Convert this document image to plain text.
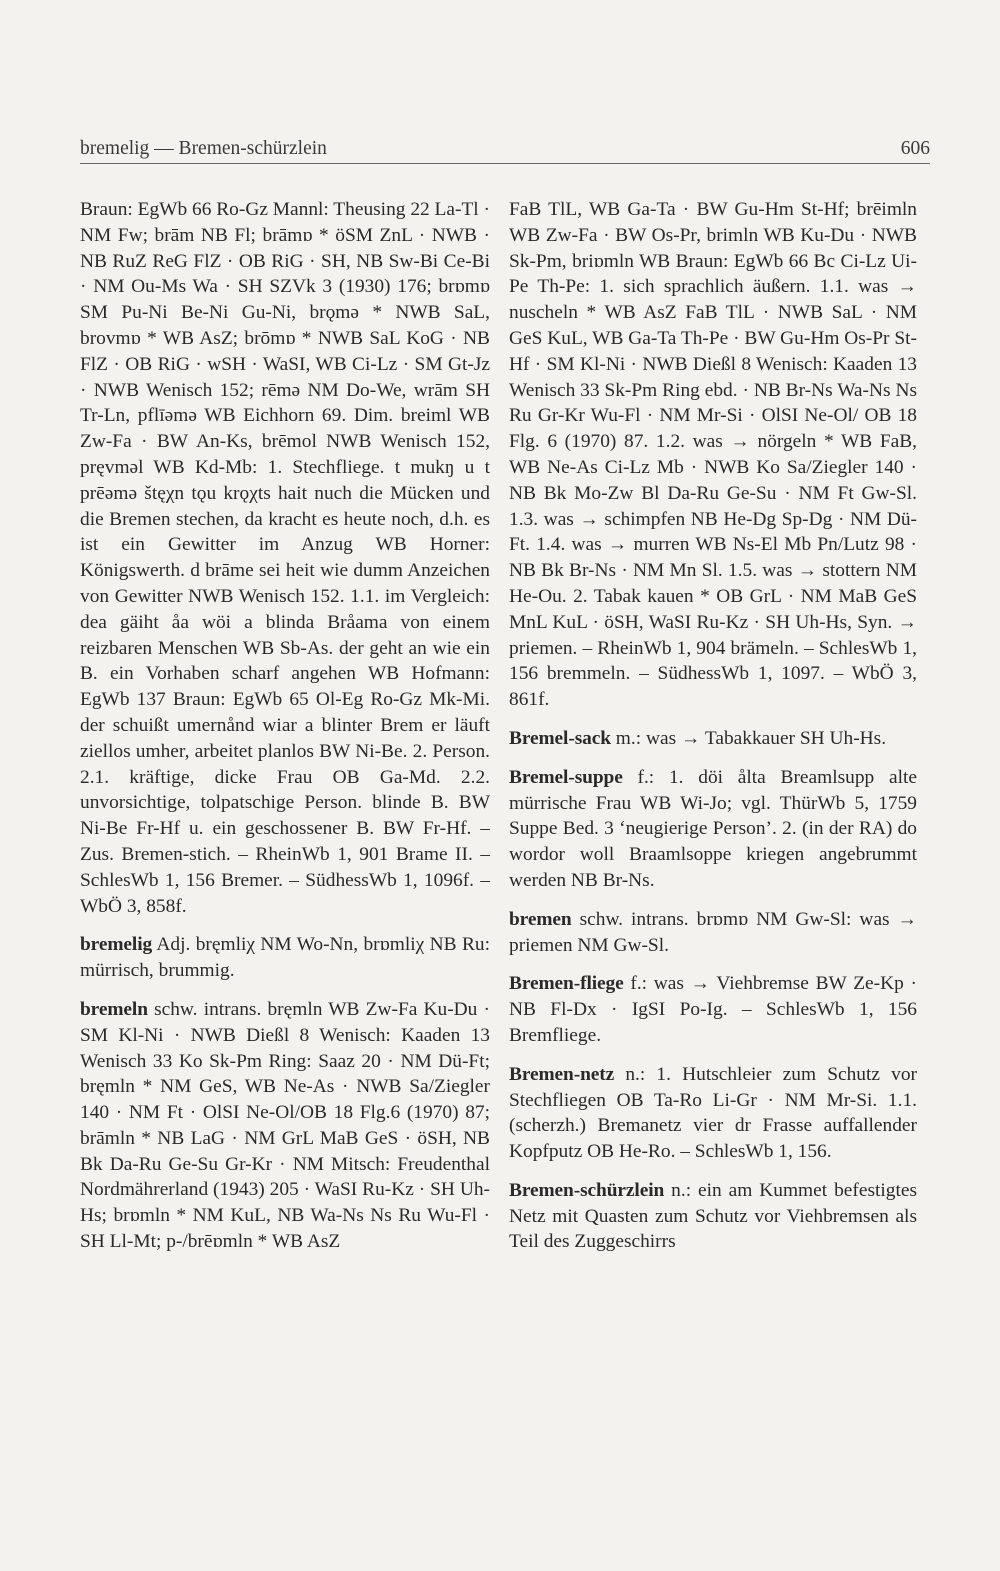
bremelig — Bremen-schürzlein	606

Braun: EgWb 66 Ro-Gz Mannl: Theusing 22 La-Tl · NM Fw; brām NB Fl; brāmɒ * öSM ZnL · NWB · NB RuZ ReG FlZ · OB RiG · SH, NB Sw-Bi Ce-Bi · NM Ou-Ms Wa · SH SZVk 3 (1930) 176; brɒmɒ SM Pu-Ni Be-Ni Gu-Ni, brǫmə * NWB SaL, brovmɒ * WB AsZ; brōmɒ * NWB SaL KoG · NB FlZ · OB RiG · wSH · WaSI, WB Ci-Lz · SM Gt-Jz · NWB Wenisch 152; rēmə NM Do-We, wrām SH Tr-Ln, pflīəmə WB Eichhorn 69. Dim. breiml WB Zw-Fa · BW An-Ks, brēmol NWB Wenisch 152, pręvməl WB Kd-Mb: 1. Stechfliege. t mukŋ u t prēəmə štęχn tǫu krǫχts hait nuch die Mücken und die Bremen stechen, da kracht es heute noch, d.h. es ist ein Gewitter im Anzug WB Horner: Königswerth. d brāme sei heit wie dumm Anzeichen von Gewitter NWB Wenisch 152. 1.1. im Vergleich: dea gäiht åa wöi a blinda Bråama von einem reizbaren Menschen WB Sb-As. der geht an wie ein B. ein Vorhaben scharf angehen WB Hofmann: EgWb 137 Braun: EgWb 65 Ol-Eg Ro-Gz Mk-Mi. der schuißt umernånd wiar a blinter Brem er läuft ziellos umher, arbeitet planlos BW Ni-Be. 2. Person. 2.1. kräftige, dicke Frau OB Ga-Md. 2.2. unvorsichtige, tolpatschige Person. blinde B. BW Ni-Be Fr-Hf u. ein geschossener B. BW Fr-Hf. – Zus. Bremen-stich. – RheinWb 1, 901 Brame II. – SchlesWb 1, 156 Bremer. – SüdhessWb 1, 1096f. – WbÖ 3, 858f.

bremelig Adj. bręmliχ NM Wo-Nn, brɒmliχ NB Ru: mürrisch, brummig.

bremeln schw. intrans. bręmln WB Zw-Fa Ku-Du · SM Kl-Ni · NWB Dießl 8 Wenisch: Kaaden 13 Wenisch 33 Ko Sk-Pm Ring: Saaz 20 · NM Dü-Ft; bręmln * NM GeS, WB Ne-As · NWB Sa/Ziegler 140 · NM Ft · OlSI Ne-Ol/OB 18 Flg.6 (1970) 87; brāmln * NB LaG · NM GrL MaB GeS · öSH, NB Bk Da-Ru Ge-Su Gr-Kr · NM Mitsch: Freudenthal Nordmährerland (1943) 205 · WaSI Ru-Kz · SH Uh-Hs; brɒmln * NM KuL, NB Wa-Ns Ns Ru Wu-Fl · SH Ll-Mt; p-/brēɒmln * WB AsZ

FaB TlL, WB Ga-Ta · BW Gu-Hm St-Hf; brēimln WB Zw-Fa · BW Os-Pr, brimln WB Ku-Du · NWB Sk-Pm, briɒmln WB Braun: EgWb 66 Bc Ci-Lz Ui-Pe Th-Pe: 1. sich sprachlich äußern. 1.1. was → nuscheln * WB AsZ FaB TlL · NWB SaL · NM GeS KuL, WB Ga-Ta Th-Pe · BW Gu-Hm Os-Pr St-Hf · SM Kl-Ni · NWB Dießl 8 Wenisch: Kaaden 13 Wenisch 33 Sk-Pm Ring ebd. · NB Br-Ns Wa-Ns Ns Ru Gr-Kr Wu-Fl · NM Mr-Si · OlSI Ne-Ol/ OB 18 Flg. 6 (1970) 87. 1.2. was → nörgeln * WB FaB, WB Ne-As Ci-Lz Mb · NWB Ko Sa/Ziegler 140 · NB Bk Mo-Zw Bl Da-Ru Ge-Su · NM Ft Gw-Sl. 1.3. was → schimpfen NB He-Dg Sp-Dg · NM Dü-Ft. 1.4. was → murren WB Ns-El Mb Pn/Lutz 98 · NB Bk Br-Ns · NM Mn Sl. 1.5. was → stottern NM He-Ou. 2. Tabak kauen * OB GrL · NM MaB GeS MnL KuL · öSH, WaSI Ru-Kz · SH Uh-Hs, Syn. → priemen. – RheinWb 1, 904 brämeln. – SchlesWb 1, 156 bremmeln. – SüdhessWb 1, 1097. – WbÖ 3, 861f.

Bremel-sack m.: was → Tabakkauer SH Uh-Hs.

Bremel-suppe f.: 1. döi ålta Breamlsupp alte mürrische Frau WB Wi-Jo; vgl. ThürWb 5, 1759 Suppe Bed. 3 ‘neugierige Person’. 2. (in der RA) do wordor woll Braamlsoppe kriegen angebrummt werden NB Br-Ns.

bremen schw. intrans. brɒmɒ NM Gw-Sl: was → priemen NM Gw-Sl.

Bremen-fliege f.: was → Viehbremse BW Ze-Kp · NB Fl-Dx · IgSI Po-Ig. – SchlesWb 1, 156 Bremfliege.

Bremen-netz n.: 1. Hutschleier zum Schutz vor Stechfliegen OB Ta-Ro Li-Gr · NM Mr-Si. 1.1. (scherzh.) Bremanetz vier dr Frasse auffallender Kopfputz OB He-Ro. – SchlesWb 1, 156.

Bremen-schürzlein n.: ein am Kummet befestigtes Netz mit Quasten zum Schutz vor Viehbremsen als Teil des Zuggeschirrs
